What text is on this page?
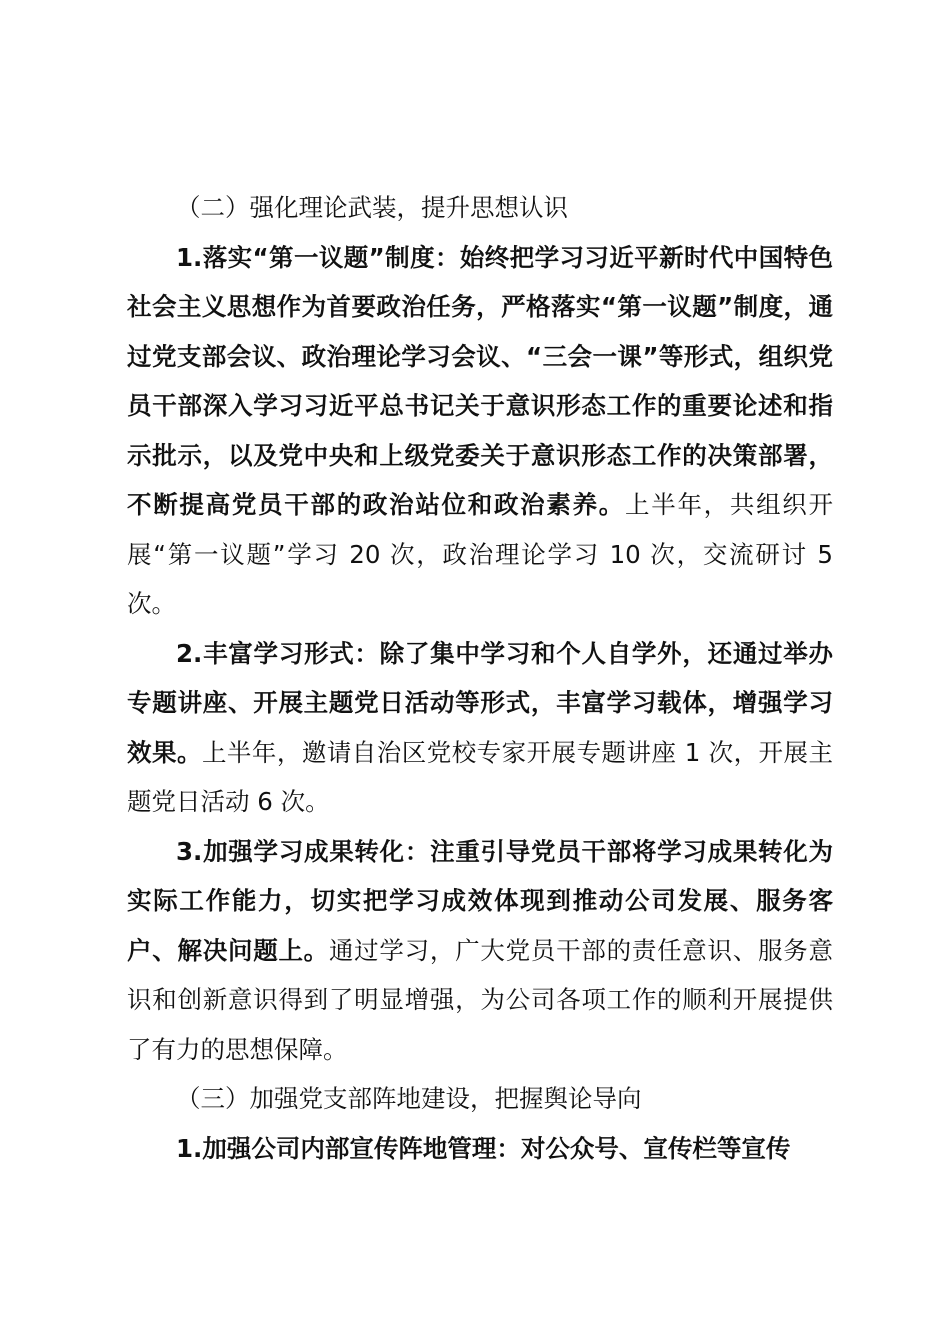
（二）强化理论武装，提升思想认识

1.落实“第一议题”制度：始终把学习习近平新时代中国特色社会主义思想作为首要政治任务，严格落实“第一议题”制度，通过党支部会议、政治理论学习会议、“三会一课”等形式，组织党员干部深入学习习近平总书记关于意识形态工作的重要论述和指示批示，以及党中央和上级党委关于意识形态工作的决策部署，不断提高党员干部的政治站位和政治素养。上半年，共组织开展“第一议题”学习 20 次，政治理论学习 10 次，交流研讨 5 次。

2.丰富学习形式：除了集中学习和个人自学外，还通过举办专题讲座、开展主题党日活动等形式，丰富学习载体，增强学习效果。上半年，邀请自治区党校专家开展专题讲座 1 次，开展主题党日活动 6 次。

3.加强学习成果转化：注重引导党员干部将学习成果转化为实际工作能力，切实把学习成效体现到推动公司发展、服务客户、解决问题上。通过学习，广大党员干部的责任意识、服务意识和创新意识得到了明显增强，为公司各项工作的顺利开展提供了有力的思想保障。

（三）加强党支部阵地建设，把握舆论导向

1.加强公司内部宣传阵地管理：对公众号、宣传栏等宣传
